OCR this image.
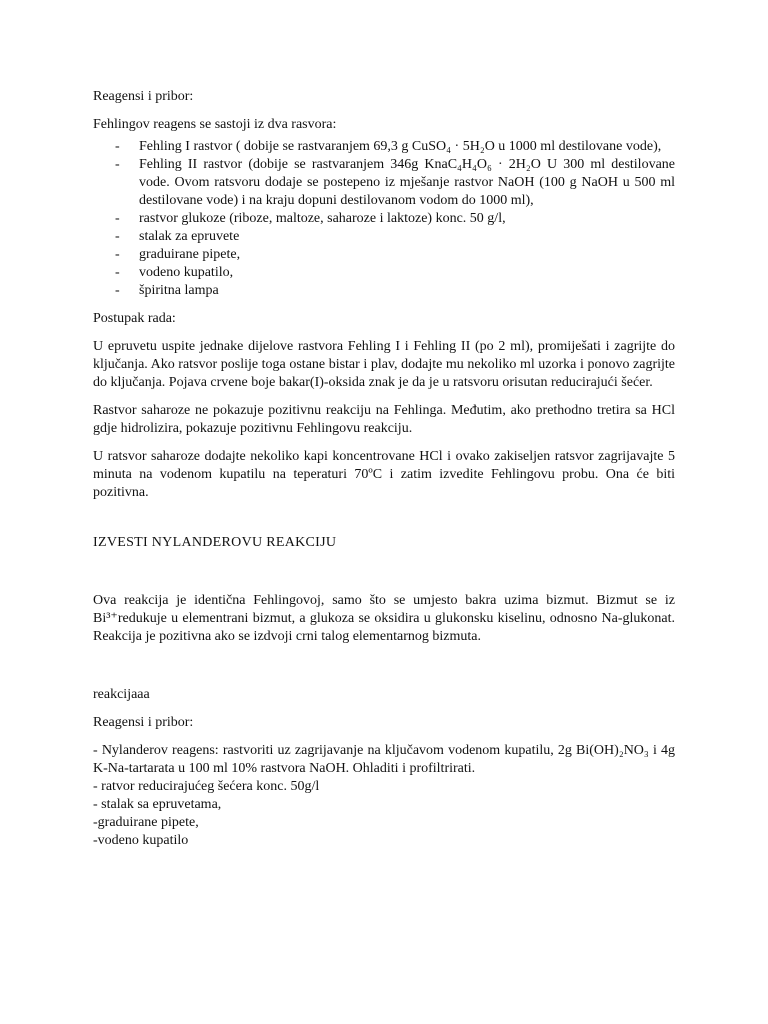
Reagensi i pribor:

Fehlingov reagens se sastoji iz dva rasvora:

- Fehling I rastvor ( dobije se rastvaranjem 69,3 g CuSO₄ · 5H₂O u 1000 ml destilovane vode),
- Fehling II rastvor (dobije se rastvaranjem 346g KnaC₄H₄O₆ · 2H₂O U 300 ml destilovane vode. Ovom ratsvoru dodaje se postepeno iz mješanje rastvor NaOH (100 g NaOH u 500 ml destilovane vode) i na kraju dopuni destilovanom vodom do 1000 ml),
- rastvor glukoze (riboze, maltoze, saharoze i laktoze) konc. 50 g/l,
- stalak za epruvete
- graduirane pipete,
- vodeno kupatilo,
- špiritna lampa

Postupak rada:

U epruvetu uspite jednake dijelove rastvora Fehling I i Fehling II (po 2 ml), promiješati i zagrijte do ključanja. Ako ratsvor poslije toga ostane bistar i plav, dodajte mu nekoliko ml uzorka i ponovo zagrijte do ključanja. Pojava crvene boje bakar(I)-oksida znak je da je u ratsvoru orisutan reducirajući šećer.

Rastvor saharoze ne pokazuje pozitivnu reakciju na Fehlinga. Međutim, ako prethodno tretira sa HCl gdje hidrolizira, pokazuje pozitivnu Fehlingovu reakciju.

U ratsvor saharoze dodajte nekoliko kapi koncentrovane HCl i ovako zakiseljen ratsvor zagrijavajte 5 minuta na vodenom kupatilu na teperaturi 70ºC i zatim izvedite Fehlingovu probu. Ona će biti pozitivna.

IZVESTI NYLANDEROVU REAKCIJU

Ova reakcija je identična Fehlingovoj, samo što se umjesto bakra uzima bizmut. Bizmut se iz Bi³⁺redukuje u elementrani bizmut, a glukoza se oksidira u glukonsku kiselinu, odnosno Na-glukonat. Reakcija je pozitivna ako se izdvoji crni talog elementarnog bizmuta.

reakcijaaa

Reagensi i pribor:

- Nylanderov reagens: rastvoriti uz zagrijavanje na ključavom vodenom kupatilu, 2g Bi(OH)₂NO₃ i 4g K-Na-tartarata u 100 ml 10% rastvora NaOH. Ohladiti i profiltrirati.

- ratvor reducirajućeg šećera konc. 50g/l

- stalak sa epruvetama,

-graduirane pipete,

-vodeno kupatilo
